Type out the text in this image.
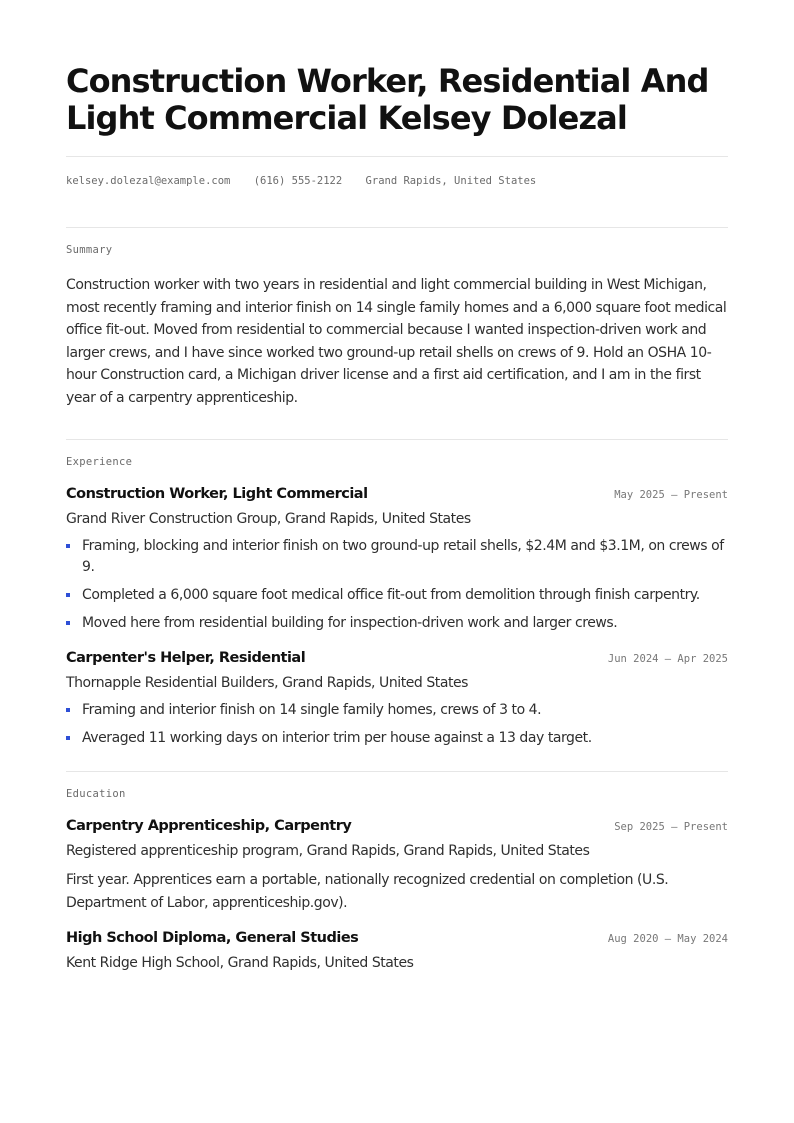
Construction Worker, Residential And Light Commercial Kelsey Dolezal
kelsey.dolezal@example.com (616) 555-2122 Grand Rapids, United States
Summary
Construction worker with two years in residential and light commercial building in West Michigan, most recently framing and interior finish on 14 single family homes and a 6,000 square foot medical office fit-out. Moved from residential to commercial because I wanted inspection-driven work and larger crews, and I have since worked two ground-up retail shells on crews of 9. Hold an OSHA 10-hour Construction card, a Michigan driver license and a first aid certification, and I am in the first year of a carpentry apprenticeship.
Experience
Construction Worker, Light Commercial	May 2025 — Present
Grand River Construction Group, Grand Rapids, United States
Framing, blocking and interior finish on two ground-up retail shells, $2.4M and $3.1M, on crews of 9.
Completed a 6,000 square foot medical office fit-out from demolition through finish carpentry.
Moved here from residential building for inspection-driven work and larger crews.
Carpenter's Helper, Residential	Jun 2024 — Apr 2025
Thornapple Residential Builders, Grand Rapids, United States
Framing and interior finish on 14 single family homes, crews of 3 to 4.
Averaged 11 working days on interior trim per house against a 13 day target.
Education
Carpentry Apprenticeship, Carpentry	Sep 2025 — Present
Registered apprenticeship program, Grand Rapids, Grand Rapids, United States
First year. Apprentices earn a portable, nationally recognized credential on completion (U.S. Department of Labor, apprenticeship.gov).
High School Diploma, General Studies	Aug 2020 — May 2024
Kent Ridge High School, Grand Rapids, United States
